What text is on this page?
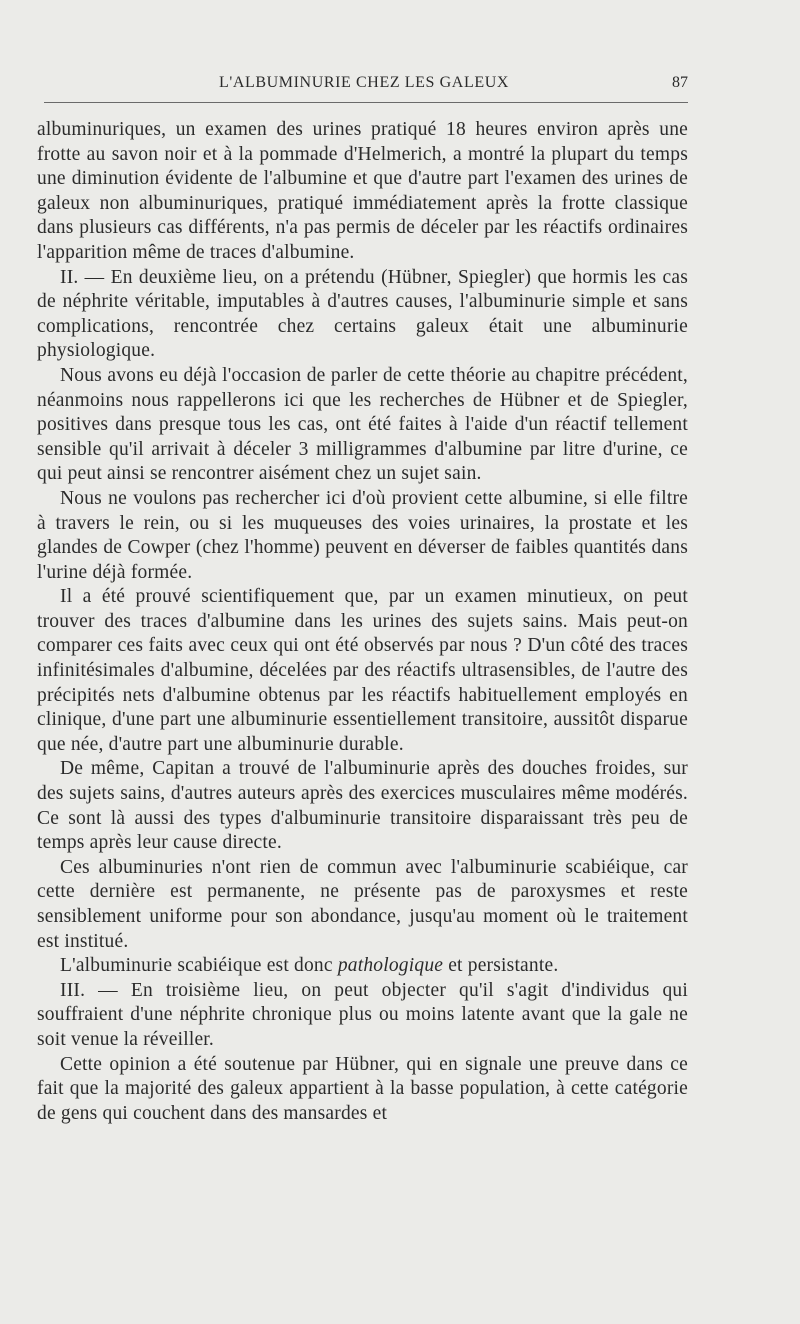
L'ALBUMINURIE CHEZ LES GALEUX	87

albuminuriques, un examen des urines pratiqué 18 heures environ après une frotte au savon noir et à la pommade d'Helmerich, a montré la plupart du temps une diminution évidente de l'albumine et que d'autre part l'examen des urines de galeux non albuminuriques, pratiqué immédiatement après la frotte classique dans plusieurs cas différents, n'a pas permis de déceler par les réactifs ordinaires l'apparition même de traces d'albumine.

II. — En deuxième lieu, on a prétendu (Hübner, Spiegler) que hormis les cas de néphrite véritable, imputables à d'autres causes, l'albuminurie simple et sans complications, rencontrée chez certains galeux était une albuminurie physiologique.

Nous avons eu déjà l'occasion de parler de cette théorie au chapitre précédent, néanmoins nous rappellerons ici que les recherches de Hübner et de Spiegler, positives dans presque tous les cas, ont été faites à l'aide d'un réactif tellement sensible qu'il arrivait à déceler 3 milligrammes d'albumine par litre d'urine, ce qui peut ainsi se rencontrer aisément chez un sujet sain.

Nous ne voulons pas rechercher ici d'où provient cette albumine, si elle filtre à travers le rein, ou si les muqueuses des voies urinaires, la prostate et les glandes de Cowper (chez l'homme) peuvent en déverser de faibles quantités dans l'urine déjà formée.

Il a été prouvé scientifiquement que, par un examen minutieux, on peut trouver des traces d'albumine dans les urines des sujets sains. Mais peut-on comparer ces faits avec ceux qui ont été observés par nous ? D'un côté des traces infinitésimales d'albumine, décelées par des réactifs ultrasensibles, de l'autre des précipités nets d'albumine obtenus par les réactifs habituellement employés en clinique, d'une part une albuminurie essentiellement transitoire, aussitôt disparue que née, d'autre part une albuminurie durable.

De même, Capitan a trouvé de l'albuminurie après des douches froides, sur des sujets sains, d'autres auteurs après des exercices musculaires même modérés. Ce sont là aussi des types d'albuminurie transitoire disparaissant très peu de temps après leur cause directe.

Ces albuminuries n'ont rien de commun avec l'albuminurie scabiéique, car cette dernière est permanente, ne présente pas de paroxysmes et reste sensiblement uniforme pour son abondance, jusqu'au moment où le traitement est institué.

L'albuminurie scabiéique est donc pathologique et persistante.

III. — En troisième lieu, on peut objecter qu'il s'agit d'individus qui souffraient d'une néphrite chronique plus ou moins latente avant que la gale ne soit venue la réveiller.

Cette opinion a été soutenue par Hübner, qui en signale une preuve dans ce fait que la majorité des galeux appartient à la basse population, à cette catégorie de gens qui couchent dans des mansardes et
